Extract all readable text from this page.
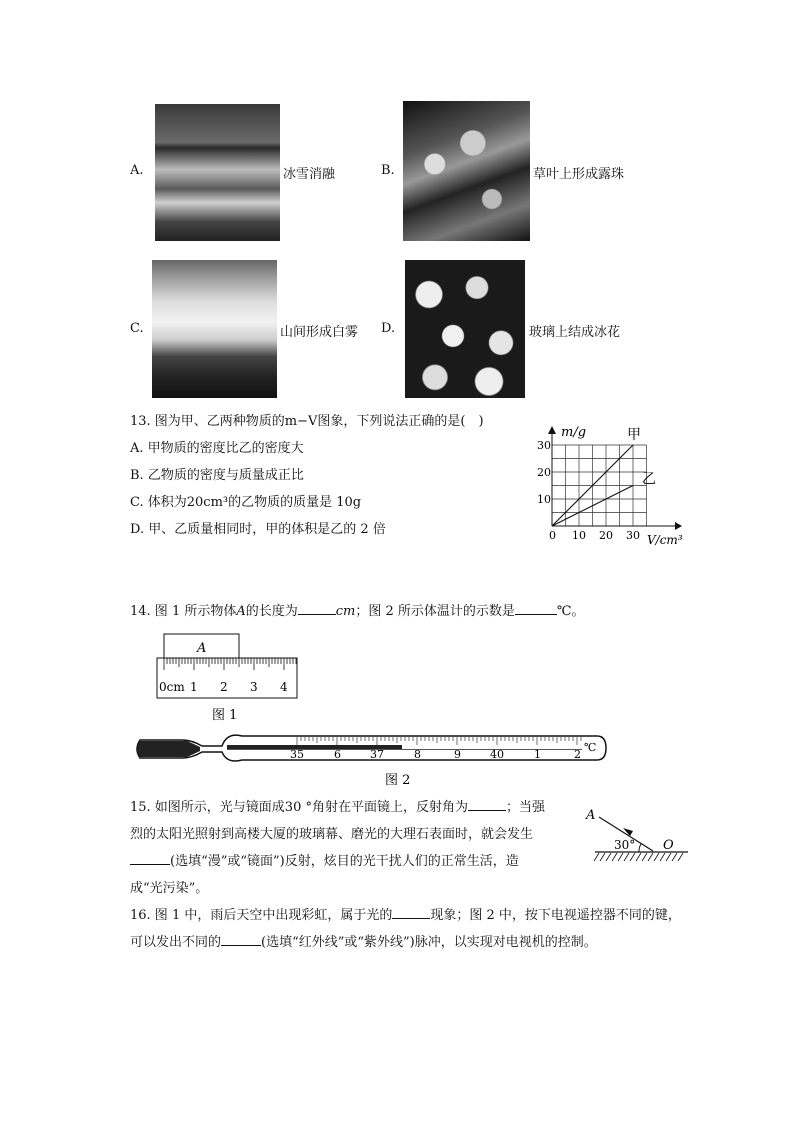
A.	冰雪消融	B.	草叶上形成露珠
C.	山间形成白雾 D.	玻璃上结成冰花
13. 图为甲、乙两种物质的m−V图象，下列说法正确的是(　)
A. 甲物质的密度比乙的密度大
B. 乙物质的密度与质量成正比
C. 体积为20cm³的乙物质的质量是 10g
D. 甲、乙质量相同时，甲的体积是乙的 2 倍
m/g
V/cm³
0 10 20 30
10
20
30
甲
乙
14. 图 1 所示物体A的长度为	cm；图 2 所示体温计的示数是	℃。
A
0cm 1 2 3 4
图 1
35	6	37	8	9	40	1	2
℃
图 2
15. 如图所示，光与镜面成30 °角射在平面镜上，反射角为	；当强
烈的太阳光照射到高楼大厦的玻璃幕、磨光的大理石表面时，就会发生
(选填“漫”或“镜面”)反射，炫目的光干扰人们的正常生活，造
成“光污染”。
A
30° O
16. 图 1 中，雨后天空中出现彩虹，属于光的	现象；图 2 中，按下电视遥控器不同的键，
可以发出不同的	(选填“红外线”或“紫外线”)脉冲，以实现对电视机的控制。
